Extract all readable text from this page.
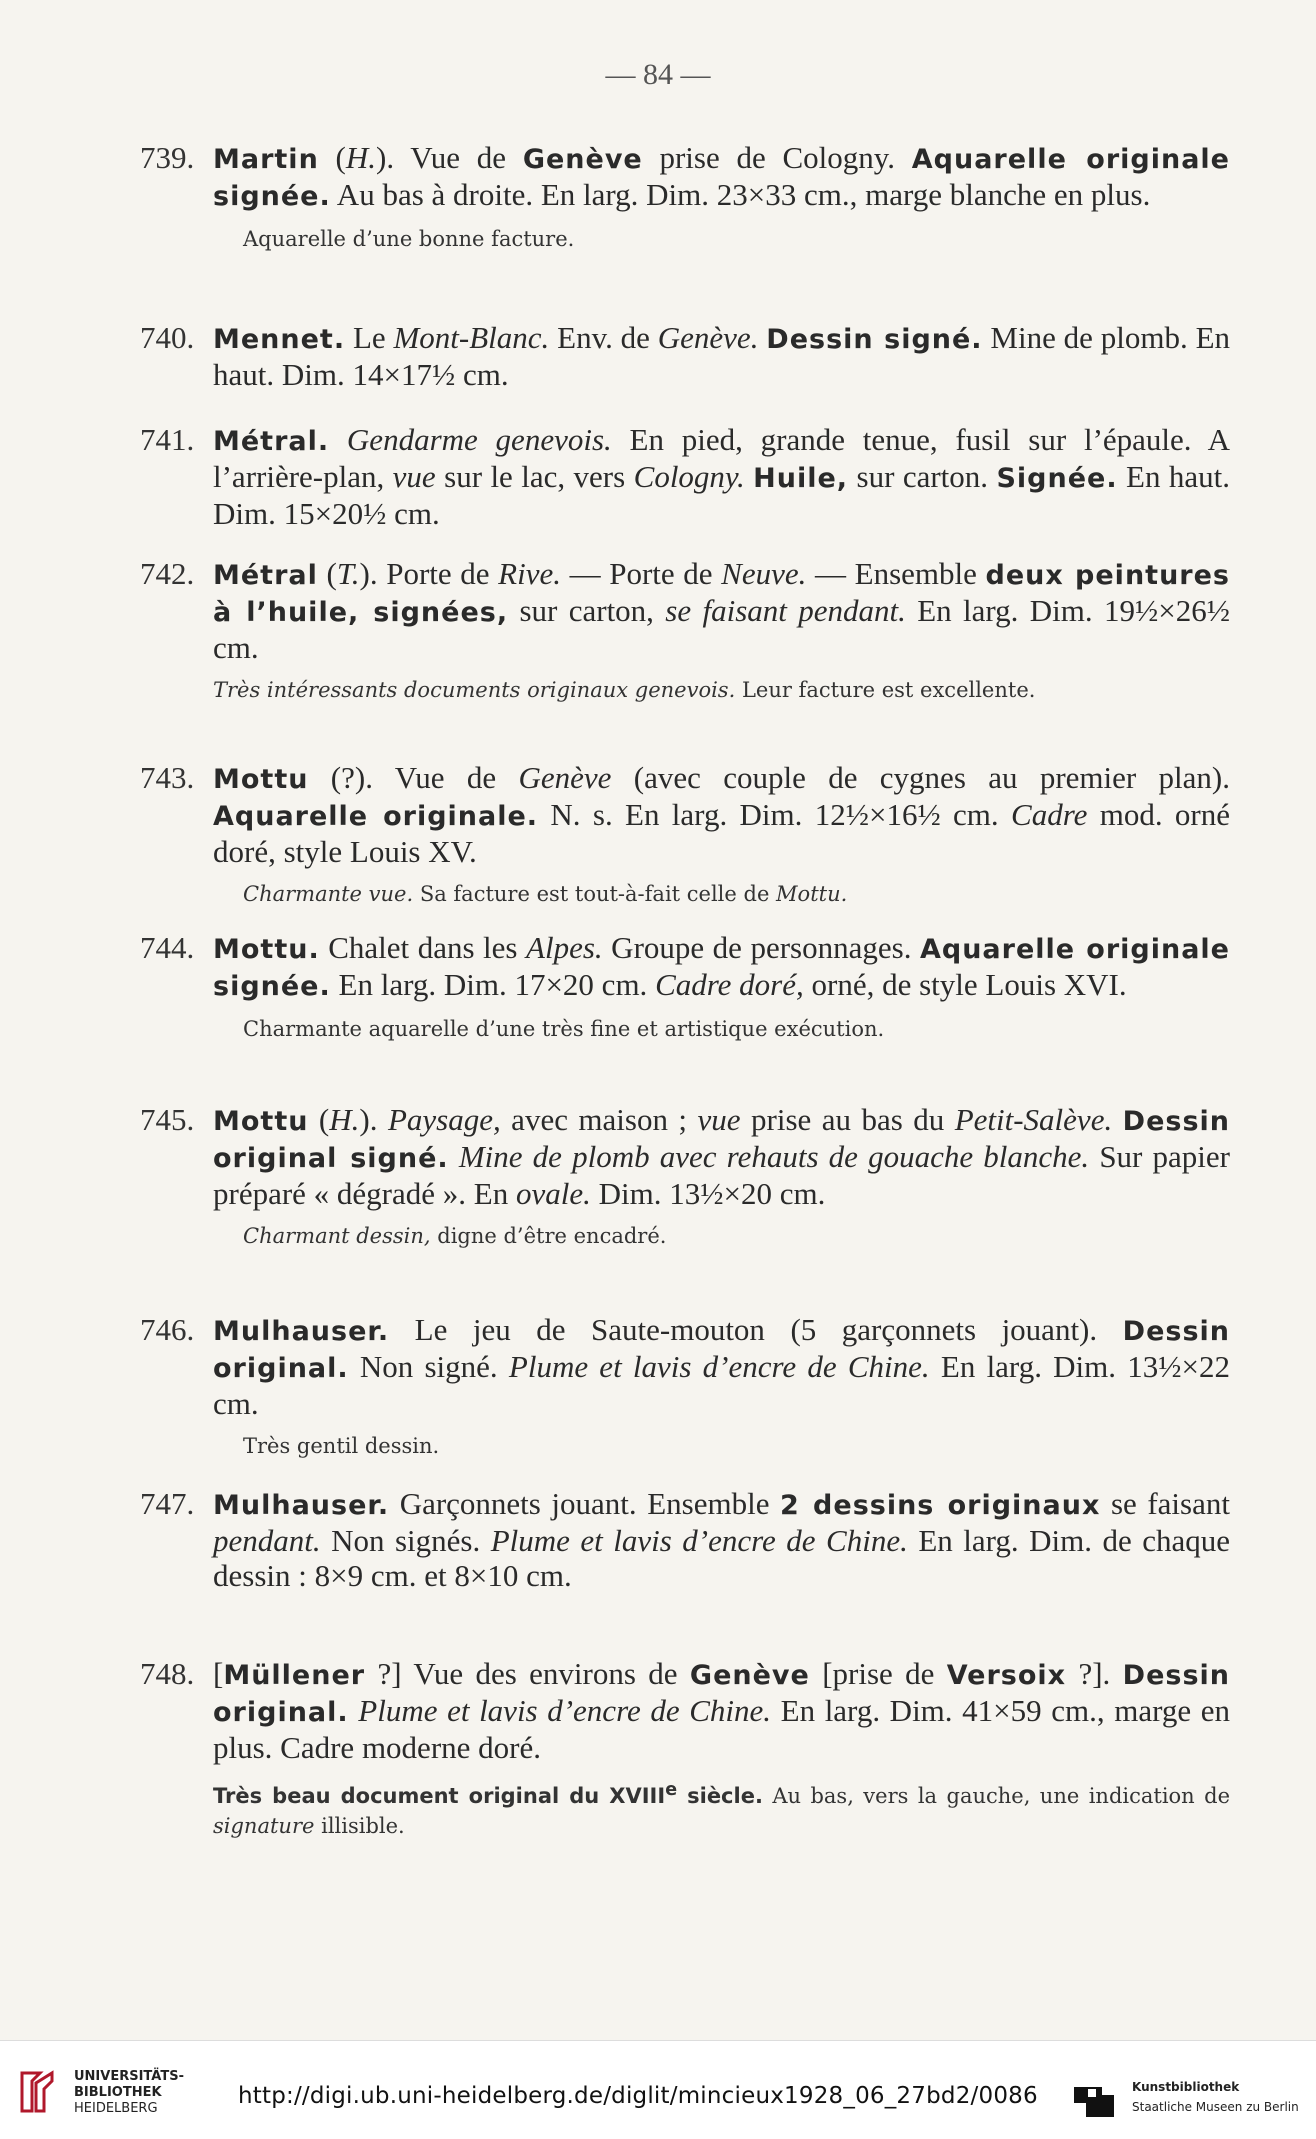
— 84 —
739. Martin (H.). Vue de Genève prise de Cologny. Aquarelle originale signée. Au bas à droite. En larg. Dim. 23×33 cm., marge blanche en plus.

Aquarelle d’une bonne facture.

740. Mennet. Le Mont-Blanc. Env. de Genève. Dessin signé. Mine de plomb. En haut. Dim. 14×17½ cm.

741. Métral. Gendarme genevois. En pied, grande tenue, fusil sur l’épaule. A l’arrière-plan, vue sur le lac, vers Cologny. Huile, sur carton. Signée. En haut. Dim. 15×20½ cm.

742. Métral (T.). Porte de Rive. — Porte de Neuve. — Ensemble deux peintures à l’huile, signées, sur carton, se faisant pendant. En larg. Dim. 19½×26½ cm.

Très intéressants documents originaux genevois. Leur facture est excellente.

743. Mottu (?). Vue de Genève (avec couple de cygnes au premier plan). Aquarelle originale. N. s. En larg. Dim. 12½×16½ cm. Cadre mod. orné doré, style Louis XV.

Charmante vue. Sa facture est tout-à-fait celle de Mottu.

744. Mottu. Chalet dans les Alpes. Groupe de personnages. Aquarelle originale signée. En larg. Dim. 17×20 cm. Cadre doré, orné, de style Louis XVI.

Charmante aquarelle d’une très fine et artistique exécution.

745. Mottu (H.). Paysage, avec maison ; vue prise au bas du Petit-Salève. Dessin original signé. Mine de plomb avec rehauts de gouache blanche. Sur papier préparé « dégradé ». En ovale. Dim. 13½×20 cm.

Charmant dessin, digne d’être encadré.

746. Mulhauser. Le jeu de Saute-mouton (5 garçonnets jouant). Dessin original. Non signé. Plume et lavis d’encre de Chine. En larg. Dim. 13½×22 cm.

Très gentil dessin.

747. Mulhauser. Garçonnets jouant. Ensemble 2 dessins originaux se faisant pendant. Non signés. Plume et lavis d’encre de Chine. En larg. Dim. de chaque dessin : 8×9 cm. et 8×10 cm.

748. [Müllener ?] Vue des environs de Genève [prise de Versoix ?]. Dessin original. Plume et lavis d’encre de Chine. En larg. Dim. 41×59 cm., marge en plus. Cadre moderne doré.

Très beau document original du XVIIIe siècle. Au bas, vers la gauche, une indication de signature illisible.

UNIVERSITÄTS-
BIBLIOTHEK
HEIDELBERG	http://digi.ub.uni-heidelberg.de/diglit/mincieux1928_06_27bd2/0086	Kunstbibliothek
Staatliche Museen zu Berlin
